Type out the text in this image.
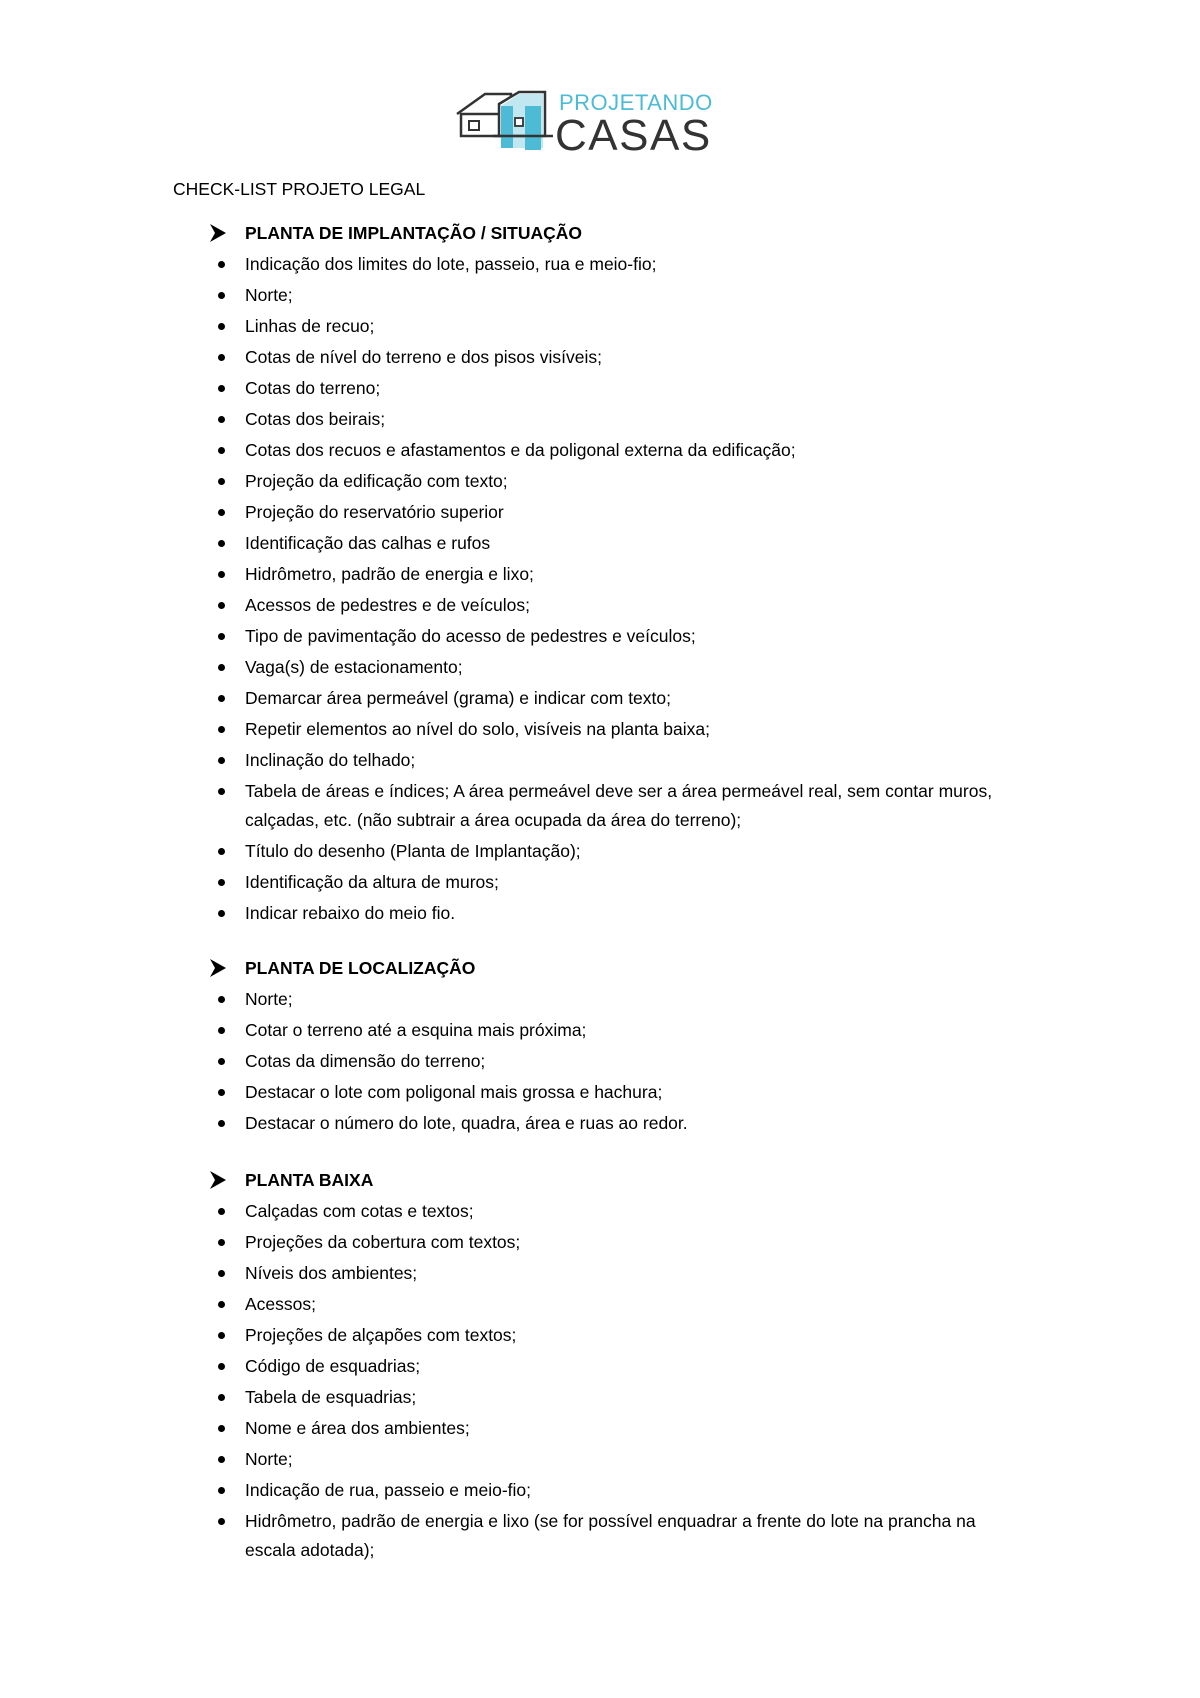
PROJETANDO
CASAS
CHECK-LIST PROJETO LEGAL
PLANTA DE IMPLANTAÇÃO / SITUAÇÃO
Indicação dos limites do lote, passeio, rua e meio-fio;
Norte;
Linhas de recuo;
Cotas de nível do terreno e dos pisos visíveis;
Cotas do terreno;
Cotas dos beirais;
Cotas dos recuos e afastamentos e da poligonal externa da edificação;
Projeção da edificação com texto;
Projeção do reservatório superior
Identificação das calhas e rufos
Hidrômetro, padrão de energia e lixo;
Acessos de pedestres e de veículos;
Tipo de pavimentação do acesso de pedestres e veículos;
Vaga(s) de estacionamento;
Demarcar área permeável (grama) e indicar com texto;
Repetir elementos ao nível do solo, visíveis na planta baixa;
Inclinação do telhado;
Tabela de áreas e índices; A área permeável deve ser a área permeável real, sem contar muros, calçadas, etc. (não subtrair a área ocupada da área do terreno);
Título do desenho (Planta de Implantação);
Identificação da altura de muros;
Indicar rebaixo do meio fio.
PLANTA DE LOCALIZAÇÃO
Norte;
Cotar o terreno até a esquina mais próxima;
Cotas da dimensão do terreno;
Destacar o lote com poligonal mais grossa e hachura;
Destacar o número do lote, quadra, área e ruas ao redor.
PLANTA BAIXA
Calçadas com cotas e textos;
Projeções da cobertura com textos;
Níveis dos ambientes;
Acessos;
Projeções de alçapões com textos;
Código de esquadrias;
Tabela de esquadrias;
Nome e área dos ambientes;
Norte;
Indicação de rua, passeio e meio-fio;
Hidrômetro, padrão de energia e lixo (se for possível enquadrar a frente do lote na prancha na escala adotada);
